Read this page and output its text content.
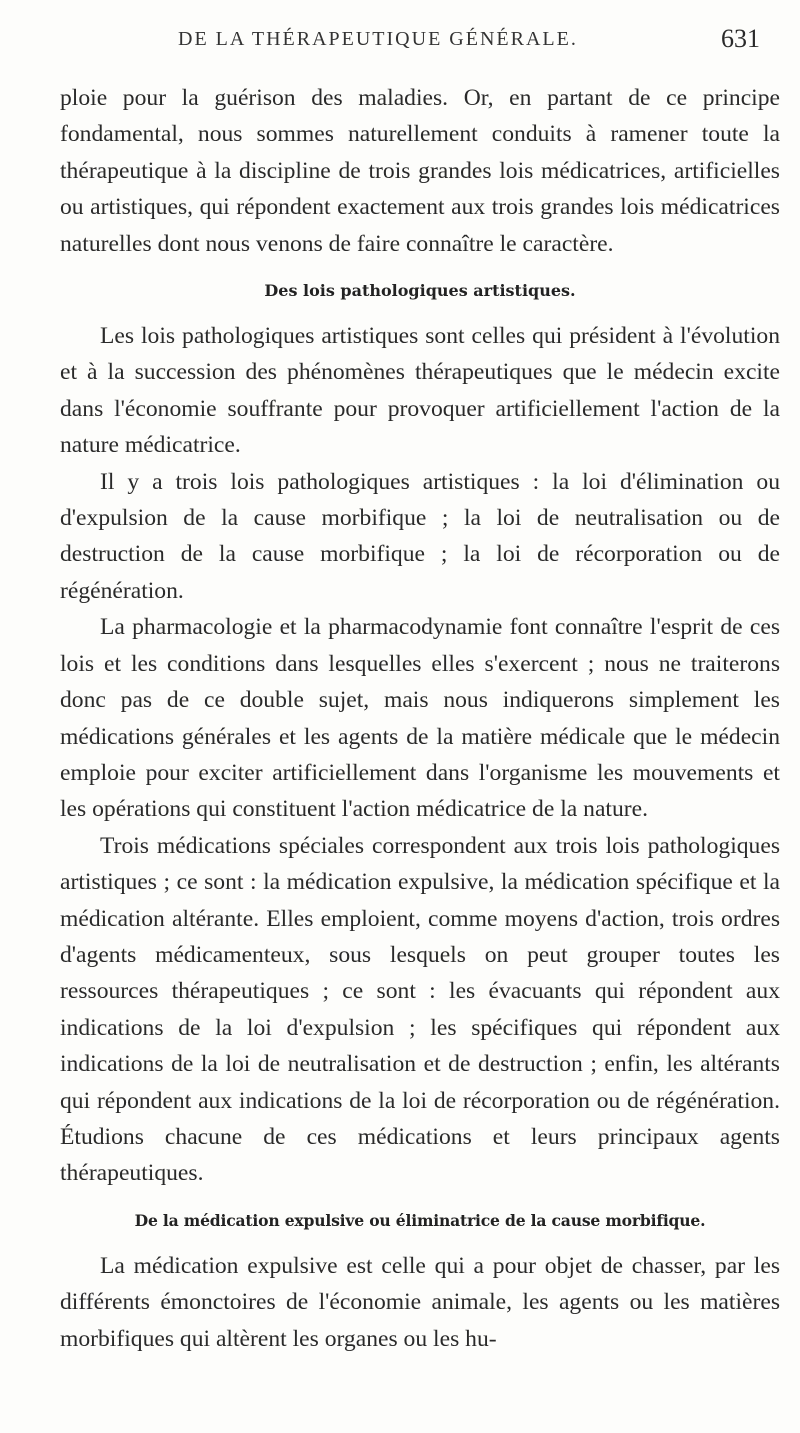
DE LA THÉRAPEUTIQUE GÉNÉRALE.	631

ploie pour la guérison des maladies. Or, en partant de ce principe fondamental, nous sommes naturellement conduits à ramener toute la thérapeutique à la discipline de trois grandes lois médicatrices, artificielles ou artistiques, qui répondent exactement aux trois grandes lois médicatrices naturelles dont nous venons de faire connaître le caractère.

Des lois pathologiques artistiques.

Les lois pathologiques artistiques sont celles qui président à l'évolution et à la succession des phénomènes thérapeutiques que le médecin excite dans l'économie souffrante pour provoquer artificiellement l'action de la nature médicatrice.

Il y a trois lois pathologiques artistiques : la loi d'élimination ou d'expulsion de la cause morbifique ; la loi de neutralisation ou de destruction de la cause morbifique ; la loi de récorporation ou de régénération.

La pharmacologie et la pharmacodynamie font connaître l'esprit de ces lois et les conditions dans lesquelles elles s'exercent ; nous ne traiterons donc pas de ce double sujet, mais nous indiquerons simplement les médications générales et les agents de la matière médicale que le médecin emploie pour exciter artificiellement dans l'organisme les mouvements et les opérations qui constituent l'action médicatrice de la nature.

Trois médications spéciales correspondent aux trois lois pathologiques artistiques ; ce sont : la médication expulsive, la médication spécifique et la médication altérante. Elles emploient, comme moyens d'action, trois ordres d'agents médicamenteux, sous lesquels on peut grouper toutes les ressources thérapeutiques ; ce sont : les évacuants qui répondent aux indications de la loi d'expulsion ; les spécifiques qui répondent aux indications de la loi de neutralisation et de destruction ; enfin, les altérants qui répondent aux indications de la loi de récorporation ou de régénération. Étudions chacune de ces médications et leurs principaux agents thérapeutiques.

De la médication expulsive ou éliminatrice de la cause morbifique.

La médication expulsive est celle qui a pour objet de chasser, par les différents émonctoires de l'économie animale, les agents ou les matières morbifiques qui altèrent les organes ou les hu-
